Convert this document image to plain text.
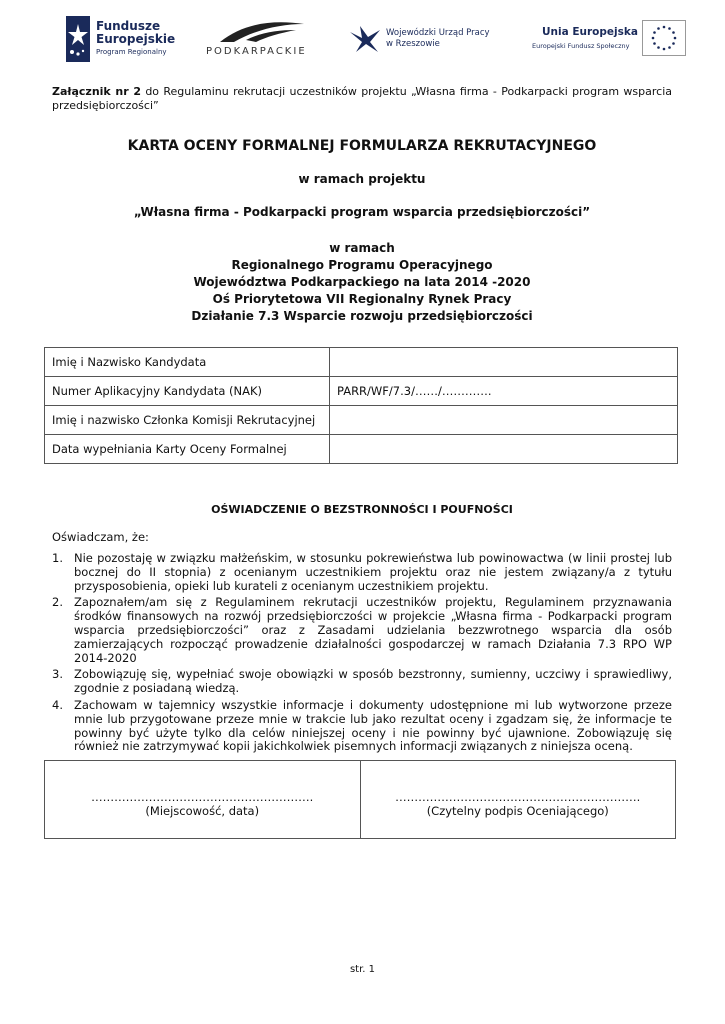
Fundusze
Europejskie
Program Regionalny	PODKARPACKIE
Wojewódzki Urząd Pracy
w Rzeszowie
Unia Europejska
Europejski Fundusz Społeczny
Załącznik nr 2 do Regulaminu rekrutacji uczestników projektu „Własna firma - Podkarpacki program wsparcia przedsiębiorczości”
KARTA OCENY FORMALNEJ FORMULARZA REKRUTACYJNEGO
w ramach projektu
„Własna firma - Podkarpacki program wsparcia przedsiębiorczości”
w ramach
Regionalnego Programu Operacyjnego
Województwa Podkarpackiego na lata 2014 -2020
Oś Priorytetowa VII Regionalny Rynek Pracy
Działanie 7.3 Wsparcie rozwoju przedsiębiorczości
Imię i Nazwisko Kandydata	
Numer Aplikacyjny Kandydata (NAK)	PARR/WF/7.3/……/………….
Imię i nazwisko Członka Komisji Rekrutacyjnej	
Data wypełniania Karty Oceny Formalnej	
OŚWIADCZENIE O BEZSTRONNOŚCI I POUFNOŚCI
Oświadczam, że:
1. Nie pozostaję w związku małżeńskim, w stosunku pokrewieństwa lub powinowactwa (w linii prostej lub bocznej do II stopnia) z ocenianym uczestnikiem projektu oraz nie jestem związany/a z tytułu przysposobienia, opieki lub kurateli z ocenianym uczestnikiem projektu.
2. Zapoznałem/am się z Regulaminem rekrutacji uczestników projektu, Regulaminem przyznawania środków finansowych na rozwój przedsiębiorczości w projekcie „Własna firma - Podkarpacki program wsparcia przedsiębiorczości” oraz z Zasadami udzielania bezzwrotnego wsparcia dla osób zamierzających rozpocząć prowadzenie działalności gospodarczej w ramach Działania 7.3 RPO WP 2014-2020
3. Zobowiązuję się, wypełniać swoje obowiązki w sposób bezstronny, sumienny, uczciwy i sprawiedliwy, zgodnie z posiadaną wiedzą.
4. Zachowam w tajemnicy wszystkie informacje i dokumenty udostępnione mi lub wytworzone przeze mnie lub przygotowane przeze mnie w trakcie lub jako rezultat oceny i zgadzam się, że informacje te powinny być użyte tylko dla celów niniejszej oceny i nie powinny być ujawnione. Zobowiązuję się również nie zatrzymywać kopii jakichkolwiek pisemnych informacji związanych z niniejsza oceną.
………………………………………………….
(Miejscowość, data)	
……………………………………………………….
(Czytelny podpis Oceniającego)
str. 1
